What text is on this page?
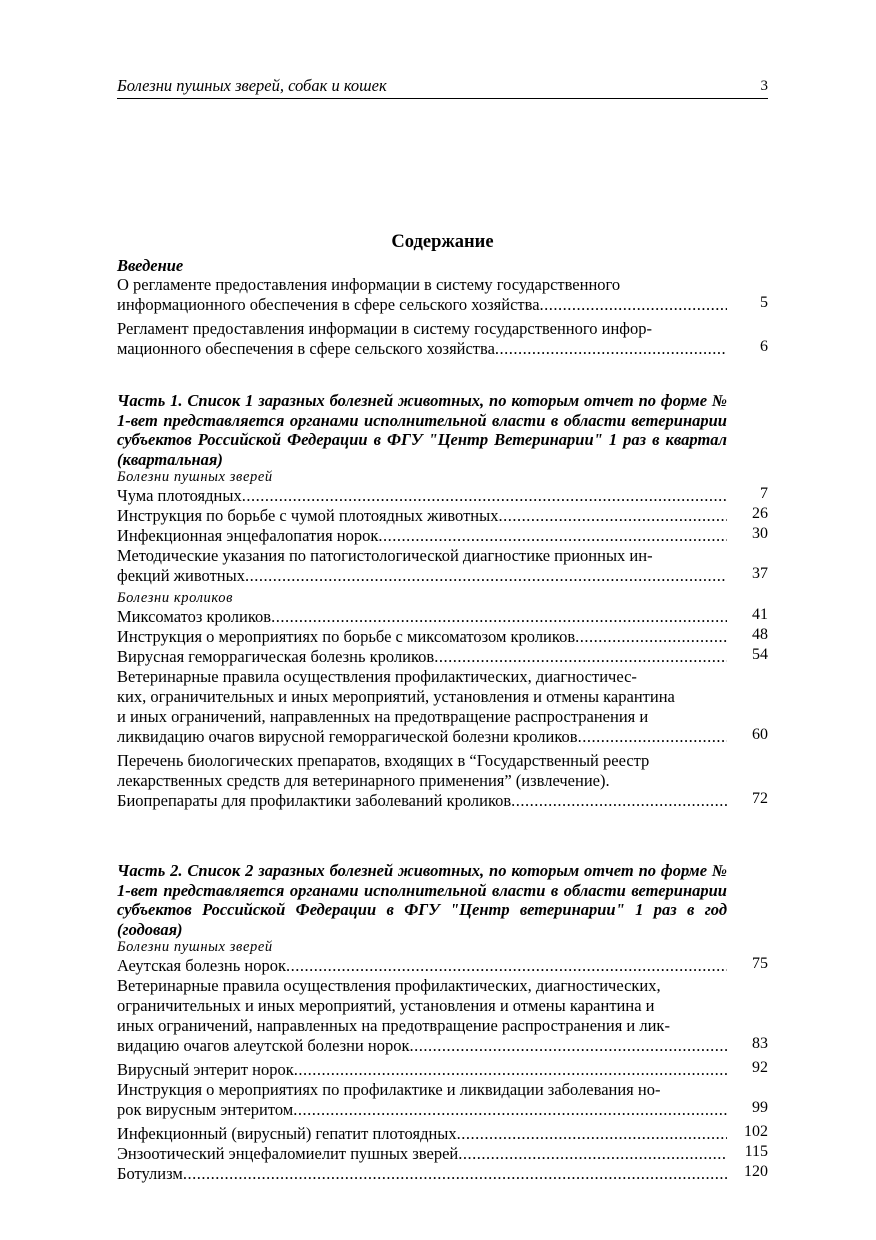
Болезни пушных зверей, собак и кошек	3
Содержание
Введение
О регламенте предоставления информации в систему государственного
информационного обеспечения в сфере сельского хозяйства .....	5
Регламент предоставления информации в систему государственного инфор-
мационного обеспечения в сфере сельского хозяйства .....	6
Часть 1. Список 1 заразных болезней животных, по которым отчет по форме № 1-вет представляется органами исполнительной власти в области ветеринарии субъектов Российской Федерации в ФГУ "Центр Ветеринарии" 1 раз в квартал (квартальная)
Болезни пушных зверей
Чума плотоядных .....	7
Инструкция по борьбе с чумой плотоядных животных .....	26
Инфекционная энцефалопатия норок .....	30
Методические указания по патогистологической диагностике прионных ин-
фекций животных .....	37
Болезни кроликов
Миксоматоз кроликов .....	41
Инструкция о мероприятиях по борьбе с миксоматозом кроликов .....	48
Вирусная геморрагическая болезнь кроликов .....	54
Ветеринарные правила осуществления профилактических, диагностичес-
ких, ограничительных и иных мероприятий, установления и отмены карантина
и иных ограничений, направленных на предотвращение распространения и
ликвидацию очагов вирусной геморрагической болезни кроликов .....	60
Перечень биологических препаратов, входящих в “Государственный реестр
лекарственных средств для ветеринарного применения” (извлечение).
Биопрепараты для профилактики заболеваний кроликов .....	72
Часть 2. Список 2 заразных болезней животных, по которым отчет по форме № 1-вет представляется органами исполнительной власти в области ветеринарии субъектов Российской Федерации в ФГУ "Центр ветеринарии" 1 раз в год (годовая)
Болезни пушных зверей
Аеутская болезнь норок .....	75
Ветеринарные правила осуществления профилактических, диагностических,
ограничительных и иных мероприятий, установления и отмены карантина и
иных ограничений, направленных на предотвращение распространения и лик-
видацию очагов алеутской болезни норок .....	83
Вирусный энтерит норок .....	92
Инструкция о мероприятиях по профилактике и ликвидации заболевания но-
рок вирусным энтеритом .....	99
Инфекционный (вирусный) гепатит плотоядных .....	102
Энзоотический энцефаломиелит пушных зверей .....	115
Ботулизм .....	120
